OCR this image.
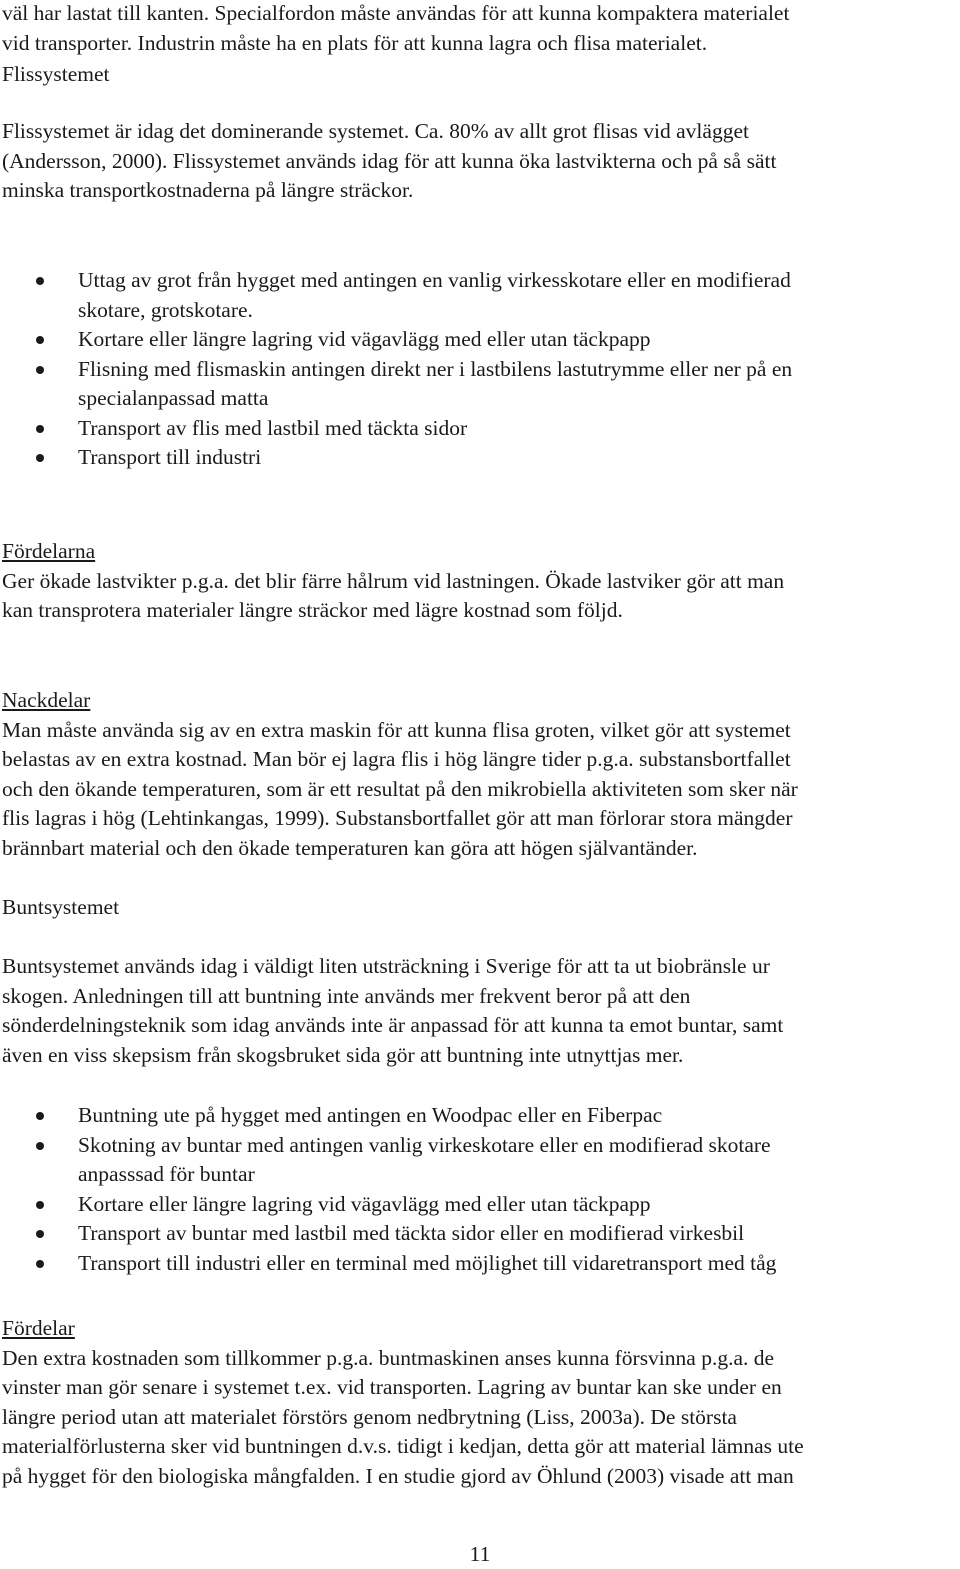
väl har lastat till kanten. Specialfordon måste användas för att kunna kompaktera materialet

vid transporter. Industrin måste ha en plats för att kunna lagra och flisa materialet.

Flissystemet

Flissystemet är idag det dominerande systemet. Ca. 80% av allt grot flisas vid avlägget

(Andersson, 2000). Flissystemet används idag för att kunna öka lastvikterna och på så sätt

minska transportkostnaderna på längre sträckor.

Uttag av grot från hygget med antingen en vanlig virkesskotare eller en modifierad
skotare, grotskotare.
Kortare eller längre lagring vid vägavlägg med eller utan täckpapp
Flisning med flismaskin antingen direkt ner i lastbilens lastutrymme eller ner på en
specialanpassad matta
Transport av flis med lastbil med täckta sidor
Transport till industri

Fördelarna

Ger ökade lastvikter p.g.a. det blir färre hålrum vid lastningen. Ökade lastviker gör att man

kan transprotera materialer längre sträckor med lägre kostnad som följd.

Nackdelar

Man måste använda sig av en extra maskin för att kunna flisa groten, vilket gör att systemet

belastas av en extra kostnad. Man bör ej lagra flis i hög längre tider p.g.a. substansbortfallet

och den ökande temperaturen, som är ett resultat på den mikrobiella aktiviteten som sker när

flis lagras i hög (Lehtinkangas, 1999). Substansbortfallet gör att man förlorar stora mängder

brännbart material och den ökade temperaturen kan göra att högen självantänder.

Buntsystemet

Buntsystemet används idag i väldigt liten utsträckning i Sverige för att ta ut biobränsle ur

skogen. Anledningen till att buntning inte används mer frekvent beror på att den

sönderdelningsteknik som idag används inte är anpassad för att kunna ta emot buntar, samt

även en viss skepsism från skogsbruket sida gör att buntning inte utnyttjas mer.

Buntning ute på hygget med antingen en Woodpac eller en Fiberpac
Skotning av buntar med antingen vanlig virkeskotare eller en modifierad skotare
anpasssad för buntar
Kortare eller längre lagring vid vägavlägg med eller utan täckpapp
Transport av buntar med lastbil med täckta sidor eller en modifierad virkesbil
Transport till industri eller en terminal med möjlighet till vidaretransport med tåg

Fördelar

Den extra kostnaden som tillkommer p.g.a. buntmaskinen anses kunna försvinna p.g.a. de

vinster man gör senare i systemet t.ex. vid transporten. Lagring av buntar kan ske under en

längre period utan att materialet förstörs genom nedbrytning (Liss, 2003a). De största

materialförlusterna sker vid buntningen d.v.s. tidigt i kedjan, detta gör att material lämnas ute

på hygget för den biologiska mångfalden. I en studie gjord av Öhlund (2003) visade att man

11
